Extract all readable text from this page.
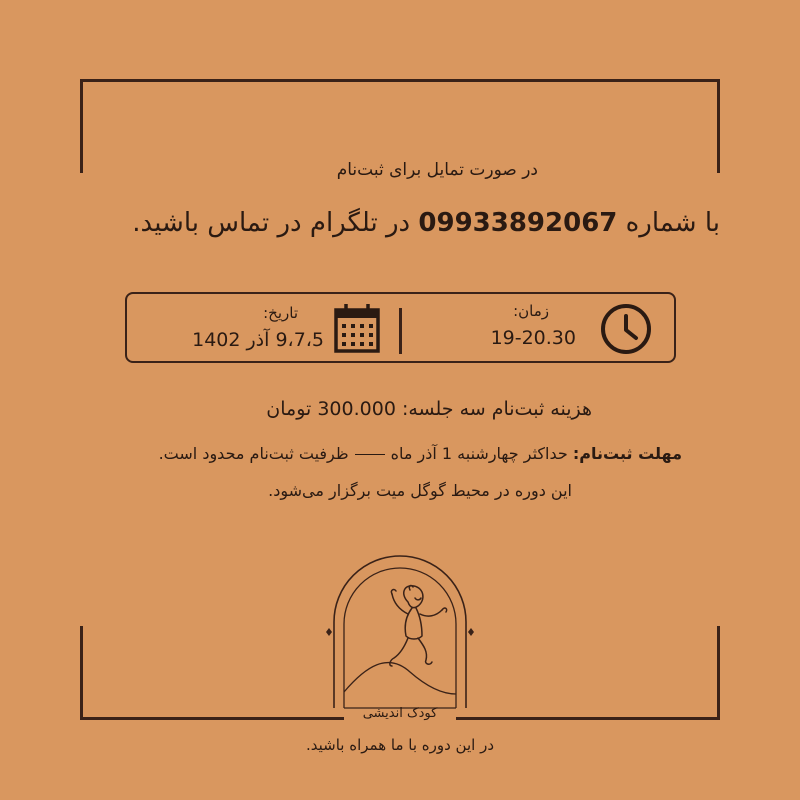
در صورت تمایل برای ثبت‌نام
با شماره 09933892067 در تلگرام در تماس باشید.
زمان:
19-20.30
تاریخ:
9،7،5 آذر 1402
هزینه ثبت‌نام سه جلسه: 300.000 تومان
مهلت ثبت‌نام: حداکثر چهارشنبه 1 آذر ماهظرفیت ثبت‌نام محدود است.
این دوره در محیط گوگل میت برگزار می‌شود.
کودک اندیشی
در این دوره با ما همراه باشید.
